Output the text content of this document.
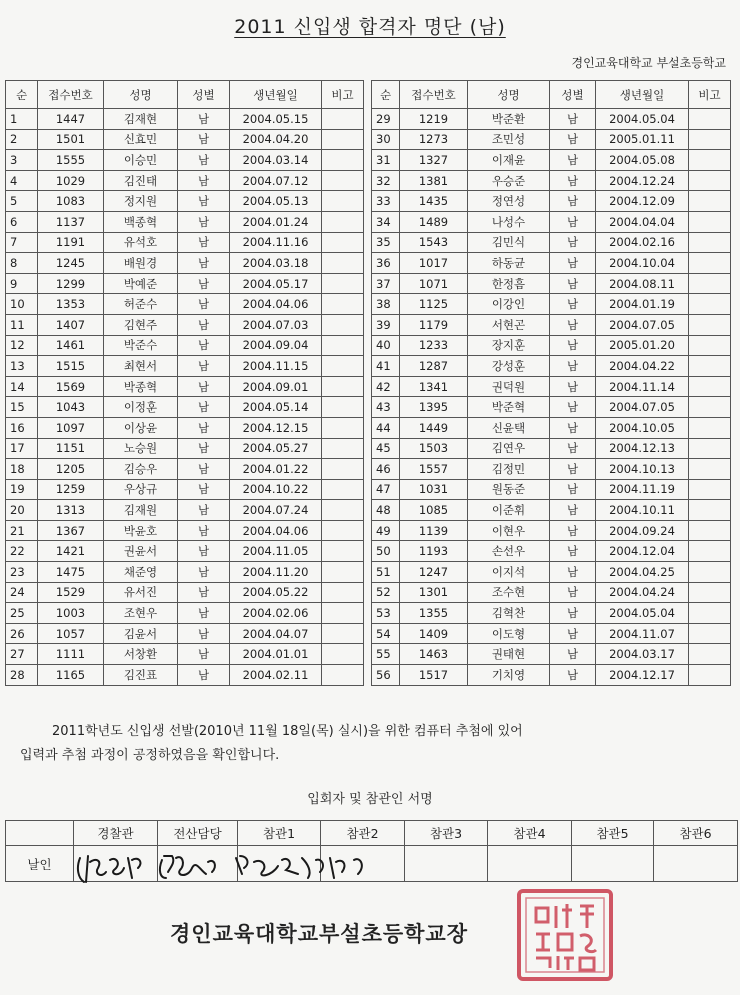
2011 신입생 합격자 명단 (남)
경인교육대학교 부설초등학교
순	접수번호	성명	성별	생년월일	비고
1	1447	김재현	남	2004.05.15	
2	1501	신효민	남	2004.04.20	
3	1555	이승민	남	2004.03.14	
4	1029	김진태	남	2004.07.12	
5	1083	정지원	남	2004.05.13	
6	1137	백종혁	남	2004.01.24	
7	1191	유석호	남	2004.11.16	
8	1245	배원경	남	2004.03.18	
9	1299	박예준	남	2004.05.17	
10	1353	허준수	남	2004.04.06	
11	1407	김현주	남	2004.07.03	
12	1461	박준수	남	2004.09.04	
13	1515	최현서	남	2004.11.15	
14	1569	박종혁	남	2004.09.01	
15	1043	이정훈	남	2004.05.14	
16	1097	이상윤	남	2004.12.15	
17	1151	노승원	남	2004.05.27	
18	1205	김승우	남	2004.01.22	
19	1259	우상규	남	2004.10.22	
20	1313	김재원	남	2004.07.24	
21	1367	박윤호	남	2004.04.06	
22	1421	권윤서	남	2004.11.05	
23	1475	채준영	남	2004.11.20	
24	1529	유서진	남	2004.05.22	
25	1003	조현우	남	2004.02.06	
26	1057	김윤서	남	2004.04.07	
27	1111	서창환	남	2004.01.01	
28	1165	김진표	남	2004.02.11	
순	접수번호	성명	성별	생년월일	비고
29	1219	박준환	남	2004.05.04	
30	1273	조민성	남	2005.01.11	
31	1327	이재윤	남	2004.05.08	
32	1381	우승준	남	2004.12.24	
33	1435	정연성	남	2004.12.09	
34	1489	나성수	남	2004.04.04	
35	1543	김민식	남	2004.02.16	
36	1017	하동균	남	2004.10.04	
37	1071	한정흠	남	2004.08.11	
38	1125	이강인	남	2004.01.19	
39	1179	서현곤	남	2004.07.05	
40	1233	장지훈	남	2005.01.20	
41	1287	강성훈	남	2004.04.22	
42	1341	권덕원	남	2004.11.14	
43	1395	박준혁	남	2004.07.05	
44	1449	신윤택	남	2004.10.05	
45	1503	김연우	남	2004.12.13	
46	1557	김정민	남	2004.10.13	
47	1031	원동준	남	2004.11.19	
48	1085	이준휘	남	2004.10.11	
49	1139	이현우	남	2004.09.24	
50	1193	손선우	남	2004.12.04	
51	1247	이지석	남	2004.04.25	
52	1301	조수현	남	2004.04.24	
53	1355	김혁찬	남	2004.05.04	
54	1409	이도형	남	2004.11.07	
55	1463	권태현	남	2004.03.17	
56	1517	기치영	남	2004.12.17	
2011학년도 신입생 선발(2010년 11월 18일(목) 실시)을 위한 컴퓨터 추첨에 있어
입력과 추첨 과정이 공정하였음을 확인합니다.
입회자 및 참관인 서명
	경찰관	전산담당	참관1	참관2	참관3	참관4	참관5	참관6
날인								
경인교육대학교부설초등학교장
